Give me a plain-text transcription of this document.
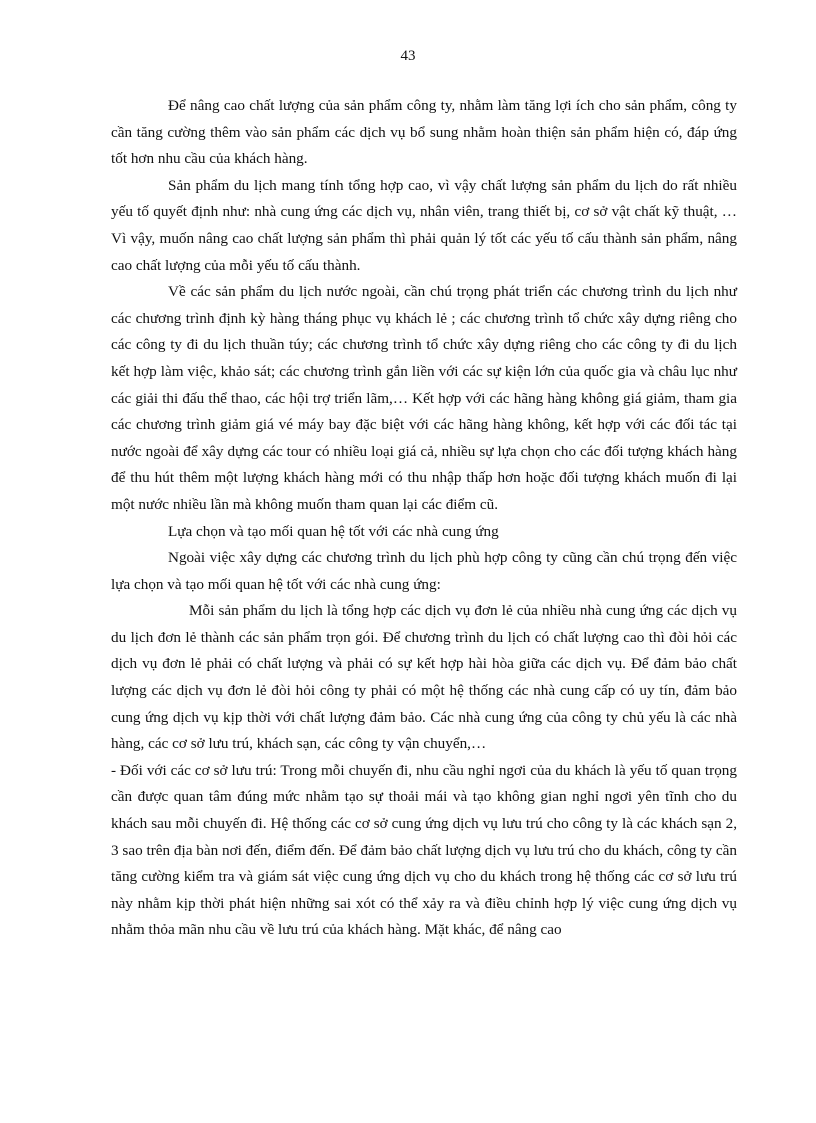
43

Để nâng cao chất lượng của sản phẩm công ty, nhằm làm tăng lợi ích cho sản phẩm, công ty cần tăng cường thêm vào sản phẩm các dịch vụ bổ sung nhằm hoàn thiện sản phẩm hiện có, đáp ứng tốt hơn nhu cầu của khách hàng.

Sản phẩm du lịch mang tính tổng hợp cao, vì vậy chất lượng sản phẩm du lịch do rất nhiều yếu tố quyết định như: nhà cung ứng các dịch vụ, nhân viên, trang thiết bị, cơ sở vật chất kỹ thuật, … Vì vậy, muốn nâng cao chất lượng sản phẩm thì phải quản lý tốt các yếu tố cấu thành sản phẩm, nâng cao chất lượng của mỗi yếu tố cấu thành.

Về các sản phẩm du lịch nước ngoài, cần chú trọng phát triển các chương trình du lịch như các chương trình định kỳ hàng tháng phục vụ khách lẻ ; các chương trình tổ chức xây dựng riêng cho các công ty đi du lịch thuần túy; các chương trình tổ chức xây dựng riêng cho các công ty đi du lịch kết hợp làm việc, khảo sát; các chương trình gắn liền với các sự kiện lớn của quốc gia và châu lục như các giải thi đấu thể thao, các hội trợ triển lãm,… Kết hợp với các hãng hàng không giá giảm, tham gia các chương trình giảm giá vé máy bay đặc biệt với các hãng hàng không, kết hợp với các đối tác tại nước ngoài để xây dựng các tour có nhiều loại giá cả, nhiều sự lựa chọn cho các đối tượng khách hàng để thu hút thêm một lượng khách hàng mới có thu nhập thấp hơn hoặc đối tượng khách muốn đi lại một nước nhiều lần mà không muốn tham quan lại các điểm cũ.

Lựa chọn và tạo mối quan hệ tốt với các nhà cung ứng

Ngoài việc xây dựng các chương trình du lịch phù hợp công ty cũng cần chú trọng đến việc lựa chọn và tạo mối quan hệ tốt với các nhà cung ứng:

Mỗi sản phẩm du lịch là tổng hợp các dịch vụ đơn lẻ của nhiều nhà cung ứng các dịch vụ du lịch đơn lẻ thành các sản phẩm trọn gói. Để chương trình du lịch có chất lượng cao thì đòi hỏi các dịch vụ đơn lẻ phải có chất lượng và phải có sự kết hợp hài hòa giữa các dịch vụ. Để đảm bảo chất lượng các dịch vụ đơn lẻ đòi hỏi công ty phải có một hệ thống các nhà cung cấp có uy tín, đảm bảo cung ứng dịch vụ kịp thời với chất lượng đảm bảo. Các nhà cung ứng của công ty chủ yếu là các nhà hàng, các cơ sở lưu trú, khách sạn, các công ty vận chuyển,…

- Đối với các cơ sở lưu trú: Trong mỗi chuyến đi, nhu cầu nghỉ ngơi của du khách là yếu tố quan trọng cần được quan tâm đúng mức nhằm tạo sự thoải mái và tạo không gian nghỉ ngơi yên tĩnh cho du khách sau mỗi chuyến đi. Hệ thống các cơ sở cung ứng dịch vụ lưu trú cho công ty là các khách sạn 2, 3 sao trên địa bàn nơi đến, điểm đến. Để đảm bảo chất lượng dịch vụ lưu trú cho du khách, công ty cần tăng cường kiểm tra và giám sát việc cung ứng dịch vụ cho du khách trong hệ thống các cơ sở lưu trú này nhằm kịp thời phát hiện những sai xót có thể xảy ra và điều chỉnh hợp lý việc cung ứng dịch vụ nhằm thỏa mãn nhu cầu về lưu trú của khách hàng. Mặt khác, để nâng cao
